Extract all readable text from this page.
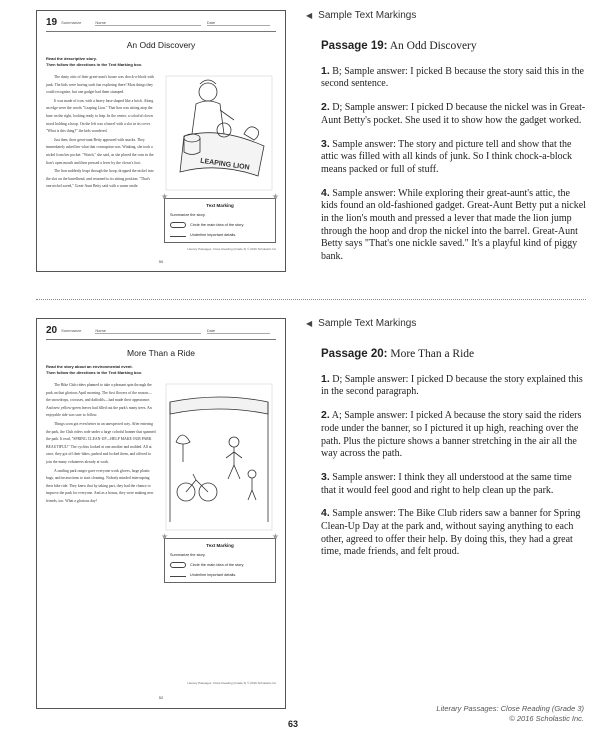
19 Summarize	Name	Date
An Odd Discovery
Read the descriptive story.
Then follow the directions in the Text Marking box.

The dusty attic of their great-aunt's house was chock-a-block with junk. The kids were having such fun exploring there! Most things they could recognize, but one gadget had them stumped.

It was made of iron, with a heavy base shaped like a brick. Along an edge were the words "Leaping Lion." That lion was sitting atop the base on the right, looking ready to leap. In the center, a colorful clown stood holding a hoop. On the left was a barrel with a slot in its cover. "What is this thing?" the kids wondered.

Just then, their great-aunt Betty appeared with snacks. They immediately asked her what that contraption was. Winking, she took a nickel from her pocket. "Watch," she said, as she placed the coin in the lion's open mouth and then pressed a lever by the clown's foot.

The lion suddenly leapt through the hoop, dropped the nickel into the slot on the barrelhead, and returned to its sitting position. "That's one nickel saved," Great-Aunt Betty said with a warm smile.

LEAPING LION
★	★
Text Marking
Summarize the story.
Circle the main idea of the story.
Underline important details.
Literary Passages: Close Reading (Grade 3) © 2016 Scholastic Inc.
50
◀ Sample Text Markings
Passage 19: An Odd Discovery

1. B; Sample answer: I picked B because the story said this in the second sentence.

2. D; Sample answer: I picked D because the nickel was in Great-Aunt Betty's pocket. She used it to show how the gadget worked.

3. Sample answer: The story and picture tell and show that the attic was filled with all kinds of junk. So I think chock-a-block means packed or full of stuff.

4. Sample answer: While exploring their great-aunt's attic, the kids found an old-fashioned gadget. Great-Aunt Betty put a nickel in the lion's mouth and pressed a lever that made the lion jump through the hoop and drop the nickel into the barrel. Great-Aunt Betty says "That's one nickle saved." It's a playful kind of piggy bank.

20 Summarize	Name	Date
More Than a Ride
Read the story about an environmental event.
Then follow the directions in the Text Marking box.

The Bike Club riders planned to take a pleasant spin through the park on that glorious April morning. The first flowers of the season—the snowdrops, crocuses, and daffodils—had made their appearance. And new yellow-green leaves had filled out the park's many trees. An enjoyable ride was sure to follow.

Things soon got even better in an unexpected way. After entering the park, the Club riders rode under a large colorful banner that spanned the path. It read, "SPRING CLEAN-UP—HELP MAKE OUR PARK BEAUTIFUL!" The cyclists looked at one another and nodded. All at once, they got off their bikes, parked and locked them, and offered to join the many volunteers already at work.

A smiling park ranger gave everyone work gloves, large plastic bags, and instructions to start cleaning. Nobody minded interrupting their bike ride. They knew that by taking part, they had the chance to improve the park for everyone. And as a bonus, they were making new friends, too. What a glorious day!

★	★
Text Marking
Summarize the story.
Circle the main idea of the story.
Underline important details.
Literary Passages: Close Reading (Grade 3) © 2016 Scholastic Inc.
52
◀ Sample Text Markings
Passage 20: More Than a Ride

1. D; Sample answer: I picked D because the story explained this in the second paragraph.

2. A; Sample answer: I picked A because the story said the riders rode under the banner, so I pictured it up high, reaching over the path. Plus the picture shows a banner stretching in the air all the way across the path.

3. Sample answer: I think they all understood at the same time that it would feel good and right to help clean up the park.

4. Sample answer: The Bike Club riders saw a banner for Spring Clean-Up Day at the park and, without saying anything to each other, agreed to offer their help. By doing this, they had a great time, made friends, and felt proud.

63
Literary Passages: Close Reading (Grade 3)
© 2016 Scholastic Inc.
